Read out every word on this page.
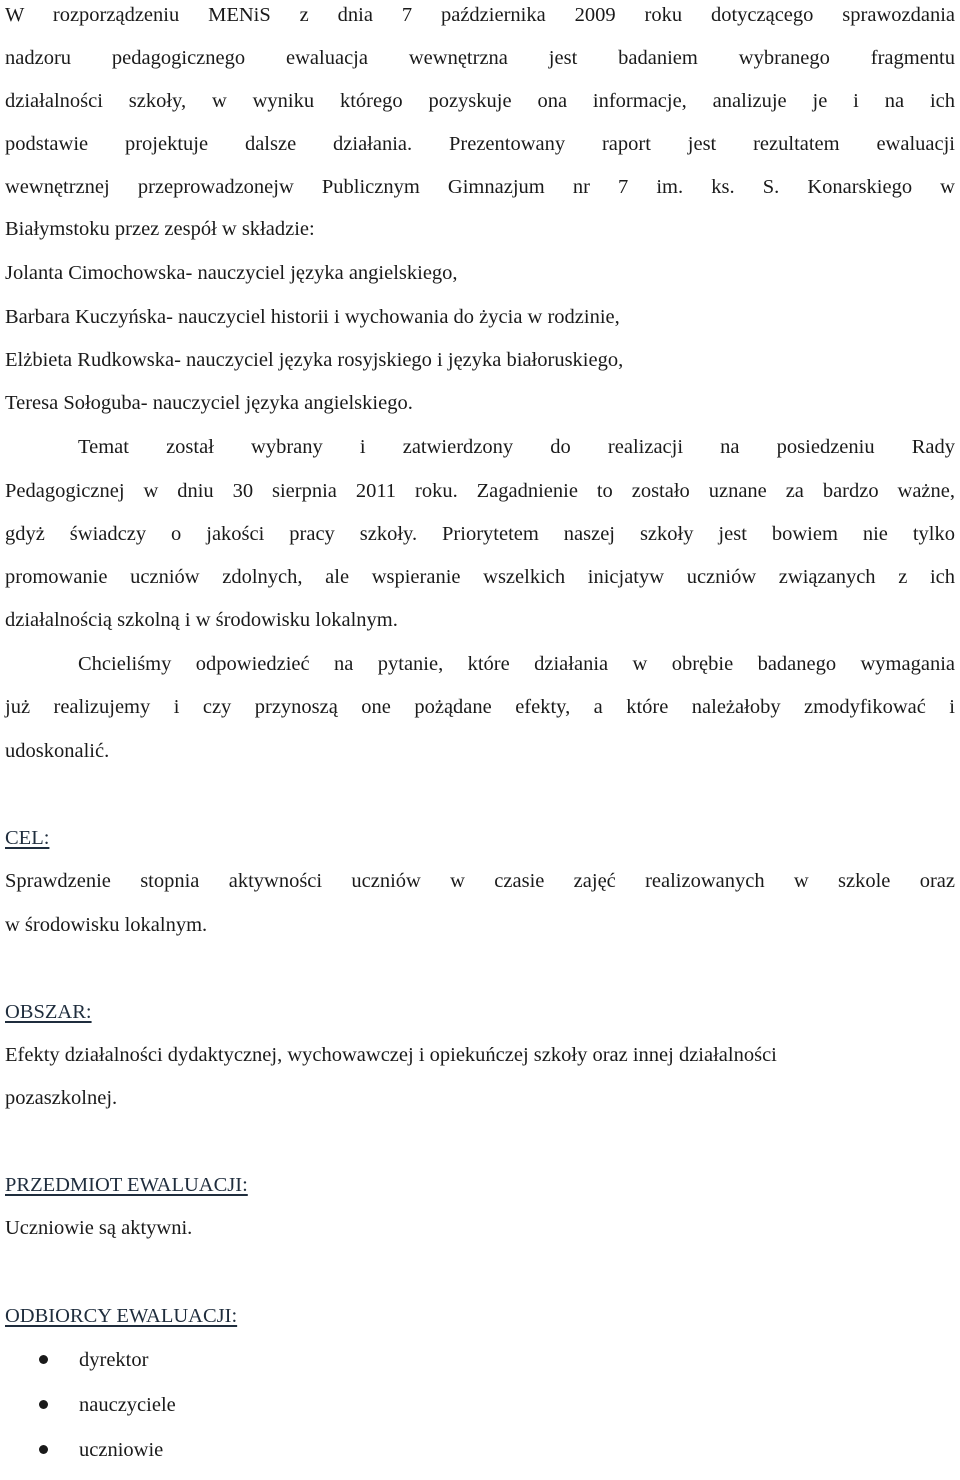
W rozporządzeniu MENiS z dnia 7 października 2009 roku dotyczącego sprawozdania
nadzoru pedagogicznego ewaluacja wewnętrzna jest badaniem wybranego fragmentu
działalności szkoły, w wyniku którego pozyskuje ona informacje, analizuje je i na ich
podstawie projektuje dalsze działania. Prezentowany raport jest rezultatem ewaluacji
wewnętrznej przeprowadzonejw Publicznym Gimnazjum nr 7 im. ks. S. Konarskiego w
Białymstoku przez zespół w składzie:
Jolanta Cimochowska- nauczyciel języka angielskiego,
Barbara Kuczyńska- nauczyciel historii i wychowania do życia w rodzinie,
Elżbieta Rudkowska- nauczyciel języka rosyjskiego i języka białoruskiego,
Teresa Sołoguba- nauczyciel języka angielskiego.
Temat został wybrany i zatwierdzony do realizacji na posiedzeniu Rady
Pedagogicznej w dniu 30 sierpnia 2011 roku. Zagadnienie to zostało uznane za bardzo ważne,
gdyż świadczy o jakości pracy szkoły. Priorytetem naszej szkoły jest bowiem nie tylko
promowanie uczniów zdolnych, ale wspieranie wszelkich inicjatyw uczniów związanych z ich
działalnością szkolną i w środowisku lokalnym.
Chcieliśmy odpowiedzieć na pytanie, które działania w obrębie badanego wymagania
już realizujemy i czy przynoszą one pożądane efekty, a które należałoby zmodyfikować i
udoskonalić.
CEL:
Sprawdzenie stopnia aktywności uczniów w czasie zajęć realizowanych w szkole oraz
w środowisku lokalnym.
OBSZAR:
Efekty działalności dydaktycznej, wychowawczej i opiekuńczej szkoły oraz innej działalności
pozaszkolnej.
PRZEDMIOT EWALUACJI:
Uczniowie są aktywni.
ODBIORCY EWALUACJI:
dyrektor
nauczyciele
uczniowie
